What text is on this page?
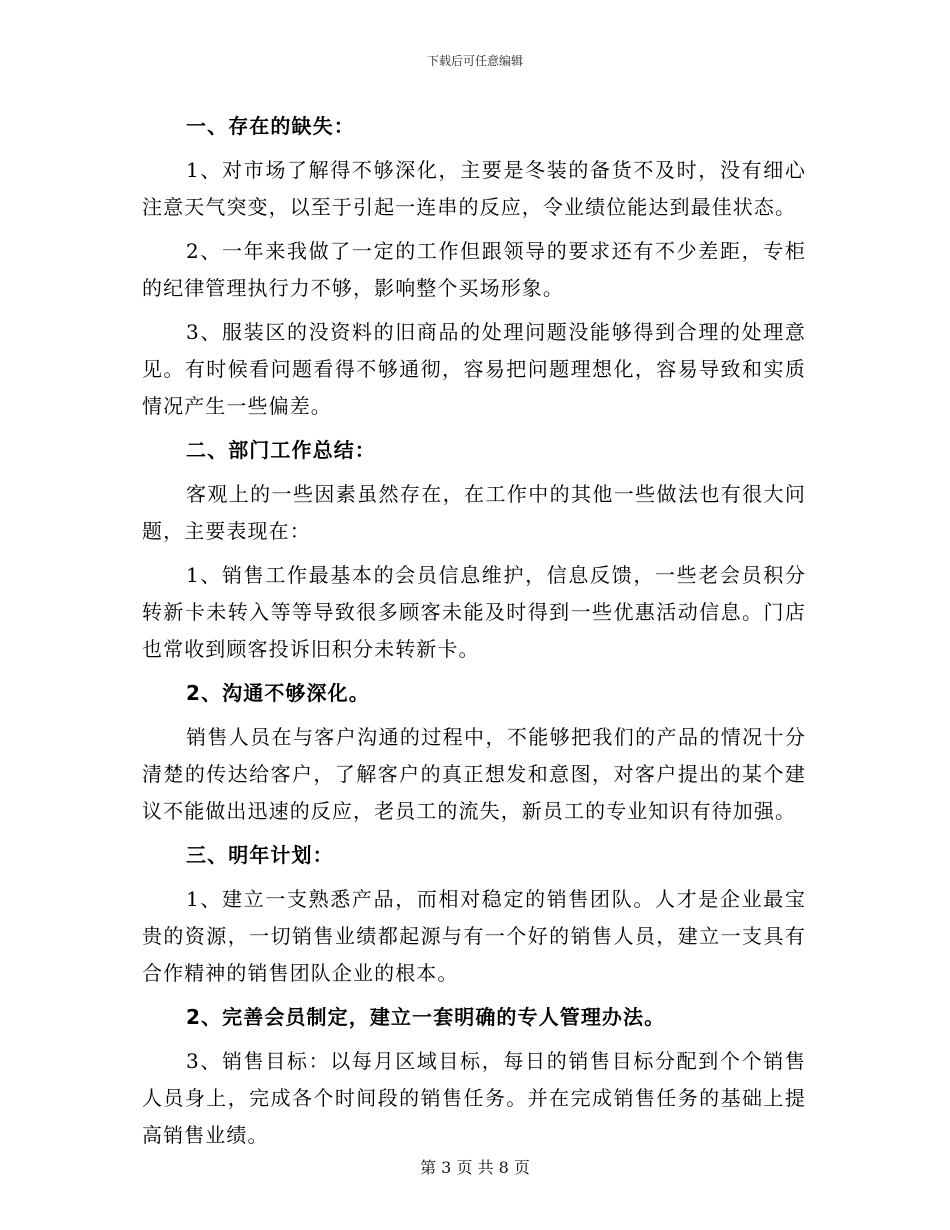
下载后可任意编辑

一、存在的缺失：

1、对市场了解得不够深化，主要是冬装的备货不及时，没有细心注意天气突变，以至于引起一连串的反应，令业绩位能达到最佳状态。

2、一年来我做了一定的工作但跟领导的要求还有不少差距，专柜的纪律管理执行力不够，影响整个买场形象。

3、服装区的没资料的旧商品的处理问题没能够得到合理的处理意见。有时候看问题看得不够通彻，容易把问题理想化，容易导致和实质情况产生一些偏差。

二、部门工作总结：

客观上的一些因素虽然存在，在工作中的其他一些做法也有很大问题，主要表现在：

1、销售工作最基本的会员信息维护，信息反馈，一些老会员积分转新卡未转入等等导致很多顾客未能及时得到一些优惠活动信息。门店也常收到顾客投诉旧积分未转新卡。

2、沟通不够深化。

销售人员在与客户沟通的过程中，不能够把我们的产品的情况十分清楚的传达给客户，了解客户的真正想发和意图，对客户提出的某个建议不能做出迅速的反应，老员工的流失，新员工的专业知识有待加强。

三、明年计划：

1、建立一支熟悉产品，而相对稳定的销售团队。人才是企业最宝贵的资源，一切销售业绩都起源与有一个好的销售人员，建立一支具有合作精神的销售团队企业的根本。

2、完善会员制定，建立一套明确的专人管理办法。

3、销售目标：以每月区域目标，每日的销售目标分配到个个销售人员身上，完成各个时间段的销售任务。并在完成销售任务的基础上提高销售业绩。

第 3 页 共 8 页
